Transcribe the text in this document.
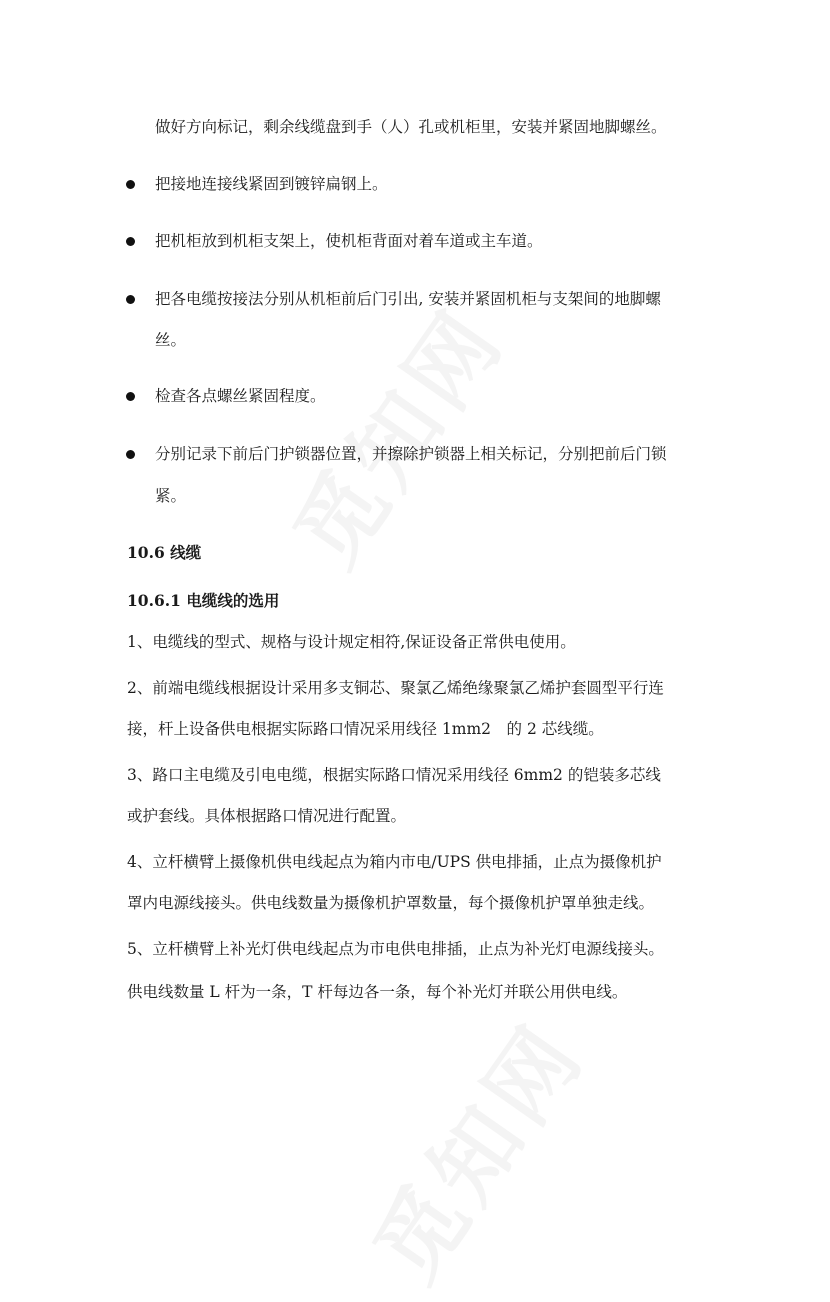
做好方向标记，剩余线缆盘到手（人）孔或机柜里，安装并紧固地脚螺丝。
把接地连接线紧固到镀锌扁钢上。
把机柜放到机柜支架上，使机柜背面对着车道或主车道。
把各电缆按接法分别从机柜前后门引出, 安装并紧固机柜与支架间的地脚螺
丝。
检查各点螺丝紧固程度。
分别记录下前后门护锁器位置，并擦除护锁器上相关标记，分别把前后门锁
紧。
10.6 线缆
10.6.1 电缆线的选用
1、电缆线的型式、规格与设计规定相符,保证设备正常供电使用。
2、前端电缆线根据设计采用多支铜芯、聚氯乙烯绝缘聚氯乙烯护套圆型平行连
接，杆上设备供电根据实际路口情况采用线径 1mm2　的 2 芯线缆。
3、路口主电缆及引电电缆，根据实际路口情况采用线径 6mm2 的铠装多芯线
或护套线。具体根据路口情况进行配置。
4、立杆横臂上摄像机供电线起点为箱内市电/UPS 供电排插，止点为摄像机护
罩内电源线接头。供电线数量为摄像机护罩数量，每个摄像机护罩单独走线。
5、立杆横臂上补光灯供电线起点为市电供电排插，止点为补光灯电源线接头。
供电线数量 L 杆为一条，T 杆每边各一条，每个补光灯并联公用供电线。
